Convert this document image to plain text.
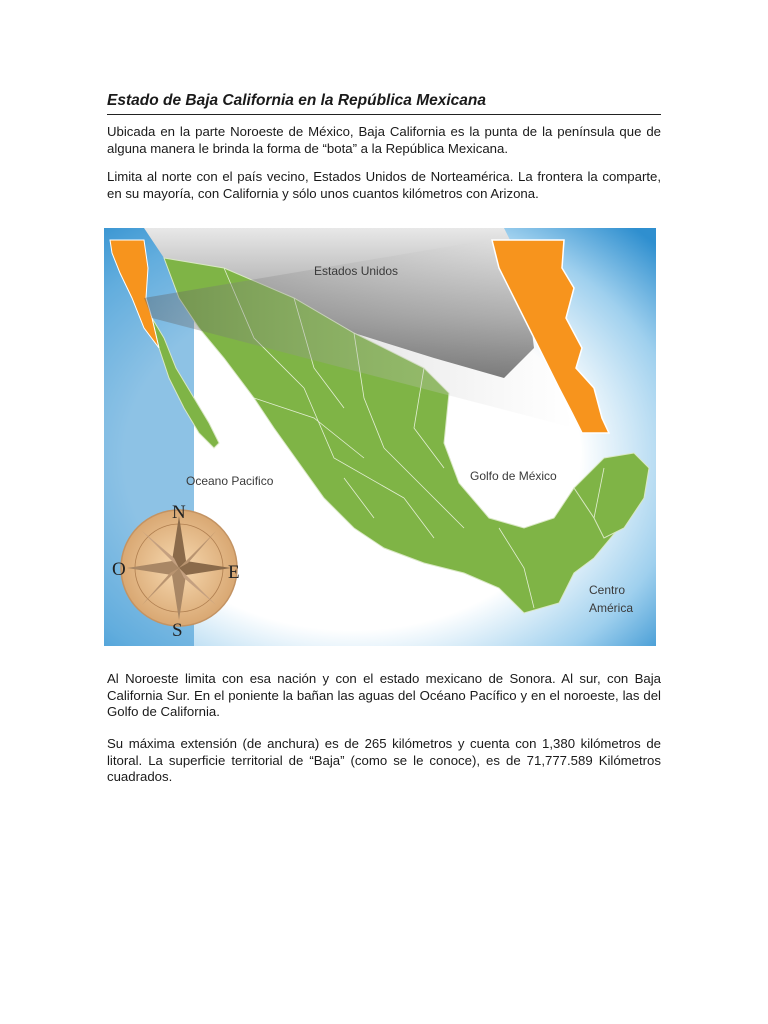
Estado de Baja California en la República Mexicana

Ubicada en la parte Noroeste de México, Baja California es la punta de la península que de alguna manera le brinda la forma de “bota” a la República Mexicana.

Limita al norte con el país vecino, Estados Unidos de Norteamérica. La frontera la comparte, en su mayoría, con California y sólo unos cuantos kilómetros con Arizona.

Estados Unidos
Oceano Pacifico	Golfo de México
Centro
América
N
S
E
O

Al Noroeste limita con esa nación y con el estado mexicano de Sonora. Al sur, con Baja California Sur. En el poniente la bañan las aguas del Océano Pacífico y en el noroeste, las del Golfo de California.

Su máxima extensión (de anchura) es de 265 kilómetros y cuenta con 1,380 kilómetros de litoral. La superficie territorial de “Baja” (como se le conoce), es de 71,777.589 Kilómetros cuadrados.
